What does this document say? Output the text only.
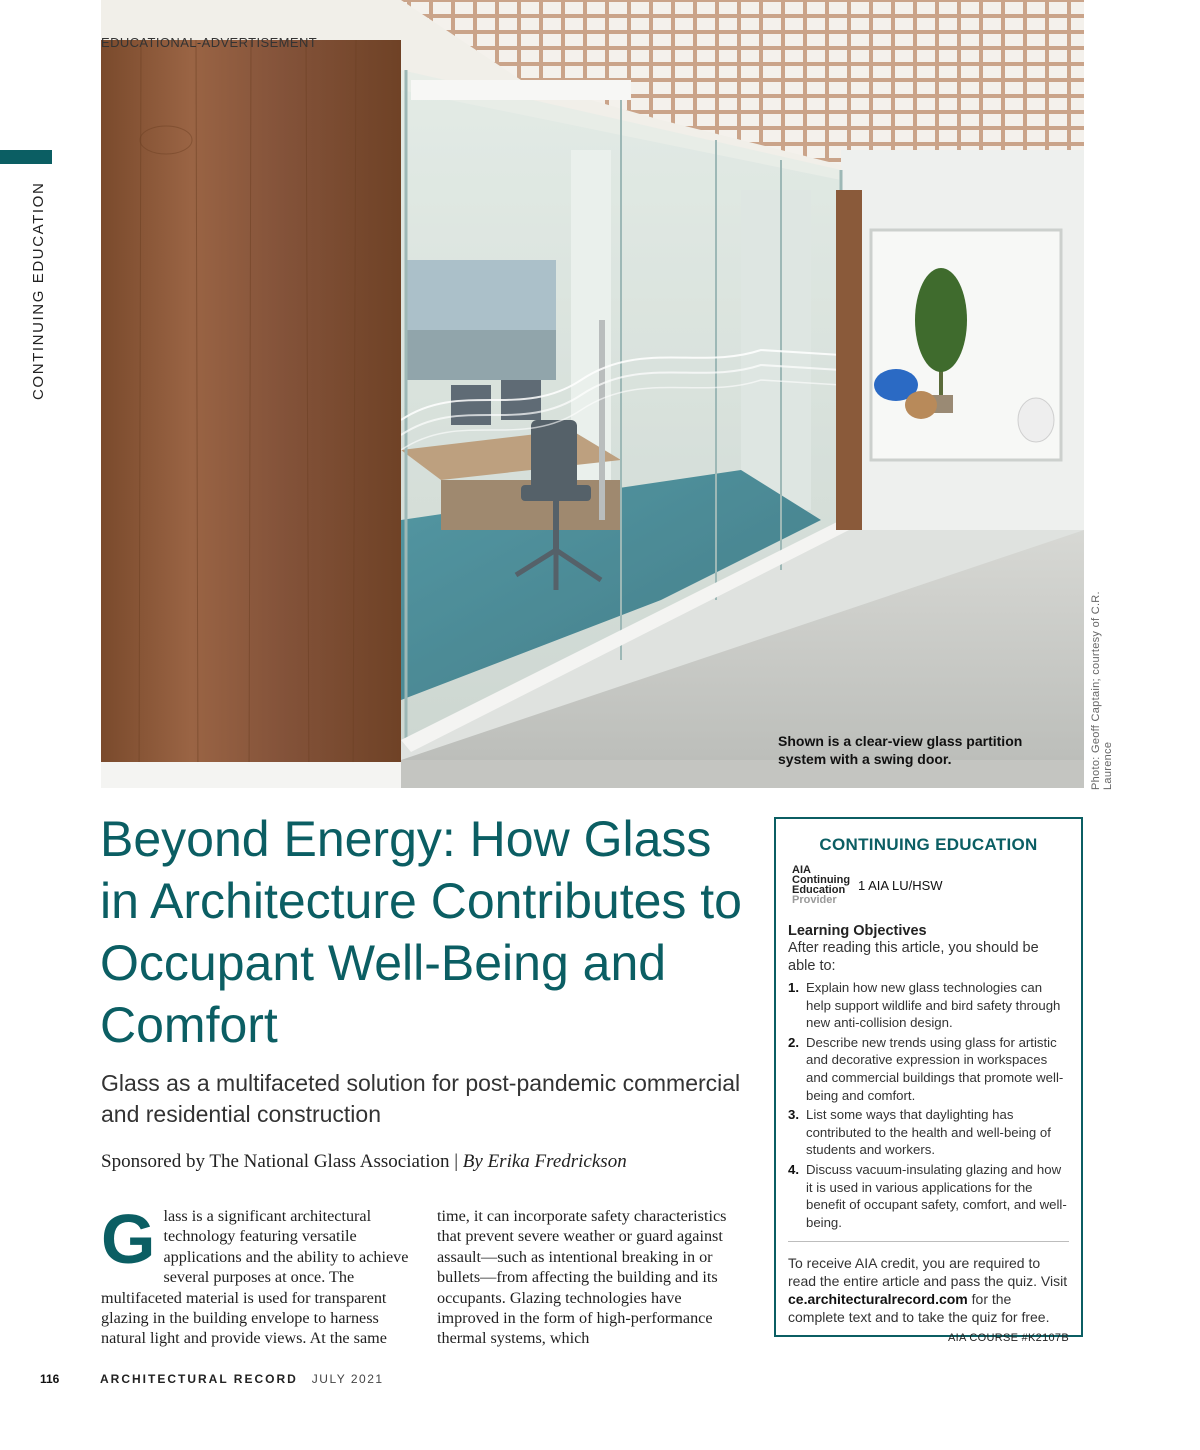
CONTINUING EDUCATION
EDUCATIONAL-ADVERTISEMENT
Shown is a clear-view glass partition system with a swing door.	Photo: Geoff Captain; courtesy of C.R. Laurence
Beyond Energy: How Glass in Architecture Contributes to Occupant Well-Being and Comfort
Glass as a multifaceted solution for post-pandemic commercial and residential construction
Sponsored by The National Glass Association | By Erika Fredrickson
Glass is a significant architectural technology featuring versatile applications and the ability to achieve several purposes at once. The multifaceted material is used for transparent glazing in the building envelope to harness natural light and provide views. At the same
time, it can incorporate safety characteristics that prevent severe weather or guard against assault—such as intentional breaking in or bullets—from affecting the building and its occupants. Glazing technologies have improved in the form of high-performance thermal systems, which
CONTINUING EDUCATION
AIA
Continuing
Education
Provider
1 AIA LU/HSW
Learning Objectives
After reading this article, you should be able to:
1. Explain how new glass technologies can help support wildlife and bird safety through new anti-collision design.
2. Describe new trends using glass for artistic and decorative expression in workspaces and commercial buildings that promote well-being and comfort.
3. List some ways that daylighting has contributed to the health and well-being of students and workers.
4. Discuss vacuum-insulating glazing and how it is used in various applications for the benefit of occupant safety, comfort, and well-being.
To receive AIA credit, you are required to read the entire article and pass the quiz. Visit ce.architecturalrecord.com for the complete text and to take the quiz for free.
AIA COURSE #K2107B
116	ARCHITECTURAL RECORD JULY 2021
